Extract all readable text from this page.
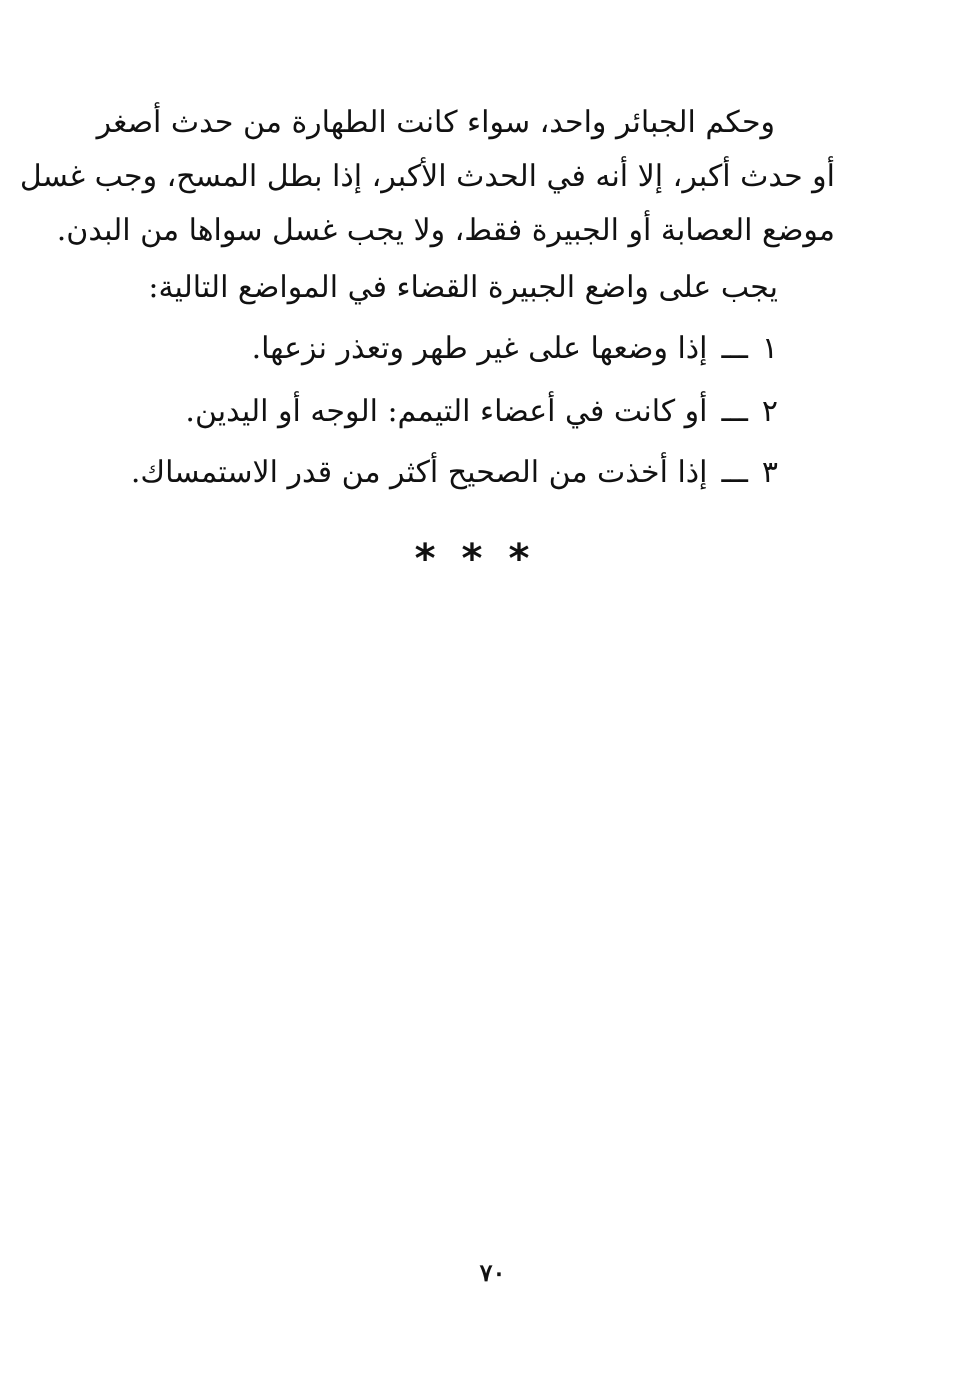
وحكم الجبائر واحد، سواء كانت الطهارة من حدث أصغر
أو حدث أكبر، إلا أنه في الحدث الأكبر، إذا بطل المسح، وجب غسل
موضع العصابة أو الجبيرة فقط، ولا يجب غسل سواها من البدن.
يجب على واضع الجبيرة القضاء في المواضع التالية:
١ـــإذا وضعها على غير طهر وتعذر نزعها.
٢ـــأو كانت في أعضاء التيمم: الوجه أو اليدين.
٣ـــإذا أخذت من الصحيح أكثر من قدر الاستمساك.
***
٧٠
